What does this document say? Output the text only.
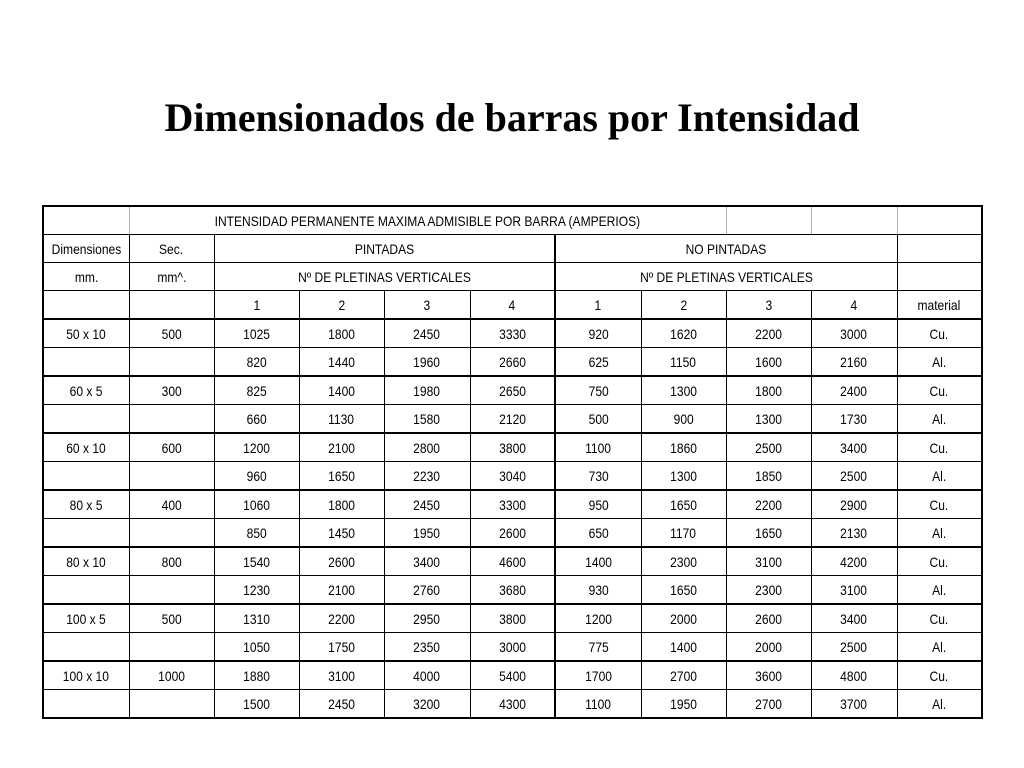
Dimensionados de barras por Intensidad
	INTENSIDAD PERMANENTE MAXIMA ADMISIBLE POR BARRA (AMPERIOS)									
Dimensiones	Sec.	PINTADAS				NO PINTADAS				
mm.	mm^.	Nº DE PLETINAS VERTICALES				Nº DE PLETINAS VERTICALES				
		1	2	3	4	1	2	3	4	material
50 x 10	500	1025	1800	2450	3330	920	1620	2200	3000	Cu.
		820	1440	1960	2660	625	1150	1600	2160	Al.
60 x 5	300	825	1400	1980	2650	750	1300	1800	2400	Cu.
		660	1130	1580	2120	500	900	1300	1730	Al.
60 x 10	600	1200	2100	2800	3800	1100	1860	2500	3400	Cu.
		960	1650	2230	3040	730	1300	1850	2500	Al.
80 x 5	400	1060	1800	2450	3300	950	1650	2200	2900	Cu.
		850	1450	1950	2600	650	1170	1650	2130	Al.
80 x 10	800	1540	2600	3400	4600	1400	2300	3100	4200	Cu.
		1230	2100	2760	3680	930	1650	2300	3100	Al.
100 x 5	500	1310	2200	2950	3800	1200	2000	2600	3400	Cu.
		1050	1750	2350	3000	775	1400	2000	2500	Al.
100 x 10	1000	1880	3100	4000	5400	1700	2700	3600	4800	Cu.
		1500	2450	3200	4300	1100	1950	2700	3700	Al.
